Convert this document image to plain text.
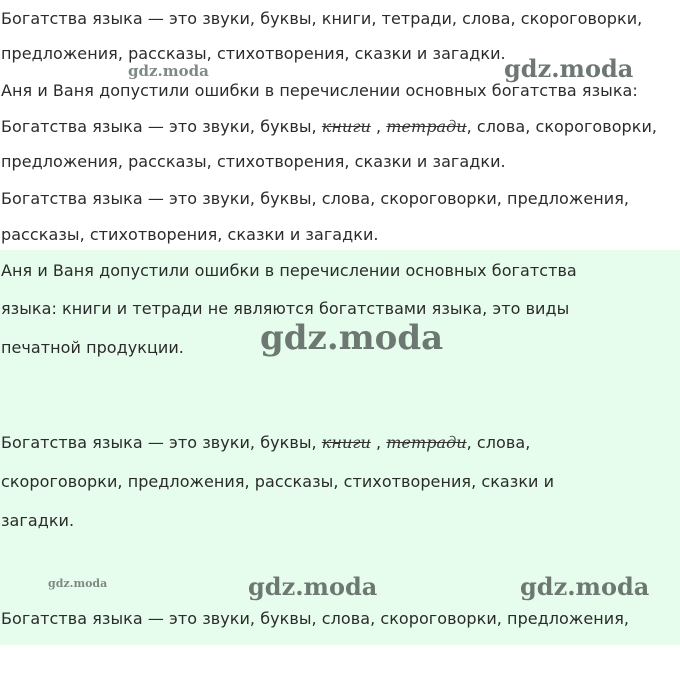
Богатства языка — это звуки, буквы, книги, тетради, слова, скороговорки,
предложения, рассказы, стихотворения, сказки и загадки.
Аня и Ваня допустили ошибки в перечислении основных богатства языка:
Богатства языка — это звуки, буквы, книги , тетради, слова, скороговорки,
предложения, рассказы, стихотворения, сказки и загадки.
Богатства языка — это звуки, буквы, слова, скороговорки, предложения,
рассказы, стихотворения, сказки и загадки.
Аня и Ваня допустили ошибки в перечислении основных богатства
языка: книги и тетради не являются богатствами языка, это виды
печатной продукции.
Богатства языка — это звуки, буквы, книги , тетради, слова,
скороговорки, предложения, рассказы, стихотворения, сказки и
загадки.
Богатства языка — это звуки, буквы, слова, скороговорки, предложения,
gdz.moda	gdz.moda
gdz.moda
gdz.moda	gdz.moda	gdz.moda
